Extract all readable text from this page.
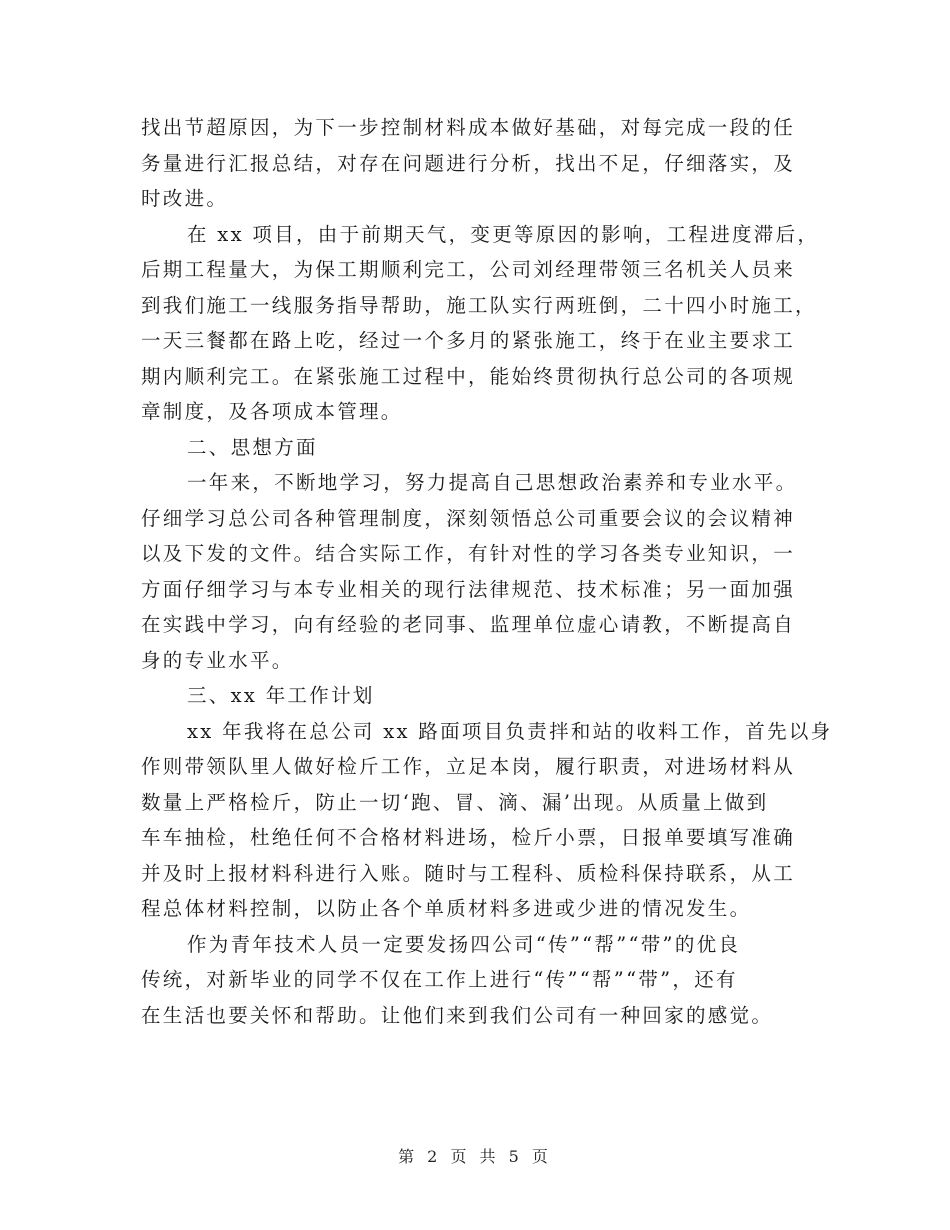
找出节超原因，为下一步控制材料成本做好基础，对每完成一段的任
务量进行汇报总结，对存在问题进行分析，找出不足，仔细落实，及
时改进。
在 xx 项目，由于前期天气，变更等原因的影响，工程进度滞后，
后期工程量大，为保工期顺利完工，公司刘经理带领三名机关人员来
到我们施工一线服务指导帮助，施工队实行两班倒，二十四小时施工，
一天三餐都在路上吃，经过一个多月的紧张施工，终于在业主要求工
期内顺利完工。在紧张施工过程中，能始终贯彻执行总公司的各项规
章制度，及各项成本管理。
二、思想方面
一年来，不断地学习，努力提高自己思想政治素养和专业水平。
仔细学习总公司各种管理制度，深刻领悟总公司重要会议的会议精神
以及下发的文件。结合实际工作，有针对性的学习各类专业知识，一
方面仔细学习与本专业相关的现行法律规范、技术标准；另一面加强
在实践中学习，向有经验的老同事、监理单位虚心请教，不断提高自
身的专业水平。
三、xx 年工作计划
xx 年我将在总公司 xx 路面项目负责拌和站的收料工作，首先以身
作则带领队里人做好检斤工作，立足本岗，履行职责，对进场材料从
数量上严格检斤，防止一切‘跑、冒、滴、漏’出现。从质量上做到
车车抽检，杜绝任何不合格材料进场，检斤小票，日报单要填写准确
并及时上报材料科进行入账。随时与工程科、质检科保持联系，从工
程总体材料控制，以防止各个单质材料多进或少进的情况发生。
作为青年技术人员一定要发扬四公司“传”“帮”“带”的优良
传统，对新毕业的同学不仅在工作上进行“传”“帮”“带”，还有
在生活也要关怀和帮助。让他们来到我们公司有一种回家的感觉。
第 2 页 共 5 页
